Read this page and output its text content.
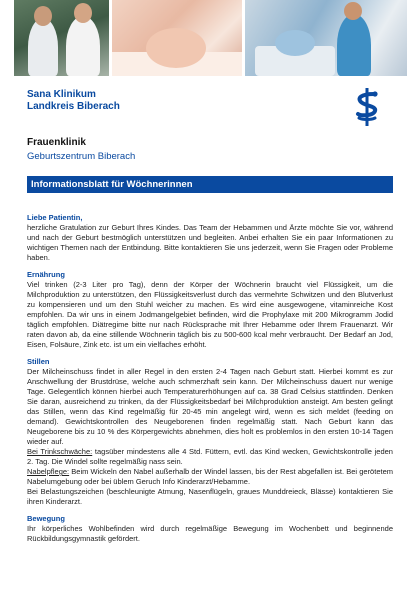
Sana Klinikum
Landkreis Biberach
Frauenklinik
Geburtszentrum Biberach
Informationsblatt für Wöchnerinnen
Liebe Patientin,

herzliche Gratulation zur Geburt Ihres Kindes. Das Team der Hebammen und Ärzte möchte Sie vor, während und nach der Geburt bestmöglich unterstützen und begleiten. Anbei erhalten Sie ein paar Informationen zu wichtigen Themen nach der Entbindung. Bitte kontaktieren Sie uns jederzeit, wenn Sie Fragen oder Probleme haben.

Ernährung

Viel trinken (2-3 Liter pro Tag), denn der Körper der Wöchnerin braucht viel Flüssigkeit, um die Milchproduktion zu unterstützen, den Flüssigkeitsverlust durch das vermehrte Schwitzen und den Blutverlust zu kompensieren und um den Stuhl weicher zu machen. Es wird eine ausgewogene, vitaminreiche Kost empfohlen. Da wir uns in einem Jodmangelgebiet befinden, wird die Prophylaxe mit 200 Mikrogramm Jodid täglich empfohlen. Diätregime bitte nur nach Rücksprache mit Ihrer Hebamme oder Ihrem Frauenarzt. Wir raten davon ab, da eine stillende Wöchnerin täglich bis zu 500-600 kcal mehr verbraucht. Der Bedarf an Jod, Eisen, Folsäure, Zink etc. ist um ein vielfaches erhöht.

Stillen

Der Milcheinschuss findet in aller Regel in den ersten 2-4 Tagen nach Geburt statt. Hierbei kommt es zur Anschwellung der Brustdrüse, welche auch schmerzhaft sein kann. Der Milcheinschuss dauert nur wenige Tage. Gelegentlich können hierbei auch Temperaturerhöhungen auf ca. 38 Grad Celsius stattfinden. Denken Sie daran, ausreichend zu trinken, da der Flüssigkeitsbedarf bei Milchproduktion ansteigt. Am besten gelingt das Stillen, wenn das Kind regelmäßig für 20-45 min angelegt wird, wenn es sich meldet (feeding on demand). Gewichtskontrollen des Neugeborenen finden regelmäßig statt. Nach Geburt kann das Neugeborene bis zu 10 % des Körpergewichts abnehmen, dies holt es problemlos in den ersten 10-14 Tagen wieder auf.

Bei Trinkschwäche: tagsüber mindestens alle 4 Std. Füttern, evtl. das Kind wecken, Gewichtskontrolle jeden 2. Tag. Die Windel sollte regelmäßig nass sein.

Nabelpflege: Beim Wickeln den Nabel außerhalb der Windel lassen, bis der Rest abgefallen ist. Bei gerötetem Nabelumgebung oder bei üblem Geruch Info Kinderarzt/Hebamme.

Bei Belastungszeichen (beschleunigte Atmung, Nasenflügeln, graues Munddreieck, Blässe) kontaktieren Sie ihren Kinderarzt.

Bewegung

Ihr körperliches Wohlbefinden wird durch regelmäßige Bewegung im Wochenbett und beginnende Rückbildungsgymnastik gefördert.
